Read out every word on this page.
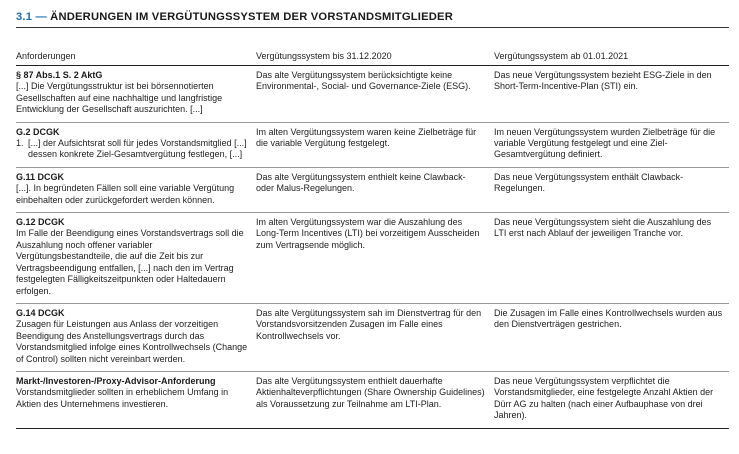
3.1 — ÄNDERUNGEN IM VERGÜTUNGSSYSTEM DER VORSTANDSMITGLIEDER
Anforderungen	Vergütungssystem bis 31.12.2020	Vergütungssystem ab 01.01.2021

§ 87 Abs.1 S. 2 AktG
[...] Die Vergütungsstruktur ist bei börsennotierten Gesellschaften auf eine nachhaltige und langfristige Entwicklung der Gesellschaft auszurichten. [...]	Das alte Vergütungssystem berücksichtigte keine Environmental-, Social- und Governance-Ziele (ESG).	Das neue Vergütungssystem bezieht ESG-Ziele in den Short-Term-Incentive-Plan (STI) ein.

G.2 DCGK
1. [...] der Aufsichtsrat soll für jedes Vorstandsmitglied [...] dessen konkrete Ziel-Gesamtvergütung festlegen, [...]	Im alten Vergütungssystem waren keine Zielbeträge für die variable Vergütung festgelegt.	Im neuen Vergütungssystem wurden Zielbeträge für die variable Vergütung festgelegt und eine Ziel-Gesamtvergütung definiert.

G.11 DCGK
[...]. In begründeten Fällen soll eine variable Vergütung einbehalten oder zurückgefordert werden können.	Das alte Vergütungssystem enthielt keine Clawback- oder Malus-Regelungen.	Das neue Vergütungssystem enthält Clawback-Regelungen.

G.12 DCGK
Im Falle der Beendigung eines Vorstandsvertrags soll die Auszahlung noch offener variabler Vergütungsbestandteile, die auf die Zeit bis zur Vertragsbeendigung entfallen, [...] nach den im Vertrag festgelegten Fälligkeitszeitpunkten oder Haltedauern erfolgen.	Im alten Vergütungssystem war die Auszahlung des Long-Term Incentives (LTI) bei vorzeitigem Ausscheiden zum Vertragsende möglich.	Das neue Vergütungssystem sieht die Auszahlung des LTI erst nach Ablauf der jeweiligen Tranche vor.

G.14 DCGK
Zusagen für Leistungen aus Anlass der vorzeitigen Beendigung des Anstellungsvertrags durch das Vorstandsmitglied infolge eines Kontrollwechsels (Change of Control) sollten nicht vereinbart werden.	Das alte Vergütungssystem sah im Dienstvertrag für den Vorstandsvorsitzenden Zusagen im Falle eines Kontrollwechsels vor.	Die Zusagen im Falle eines Kontrollwechsels wurden aus den Dienstverträgen gestrichen.

Markt-/Investoren-/Proxy-Advisor-Anforderung
Vorstandsmitglieder sollten in erheblichem Umfang in Aktien des Unternehmens investieren.	Das alte Vergütungssystem enthielt dauerhafte Aktienhalteverpflichtungen (Share Ownership Guidelines) als Voraussetzung zur Teilnahme am LTI-Plan.	Das neue Vergütungssystem verpflichtet die Vorstandsmitglieder, eine festgelegte Anzahl Aktien der Dürr AG zu halten (nach einer Aufbauphase von drei Jahren).
